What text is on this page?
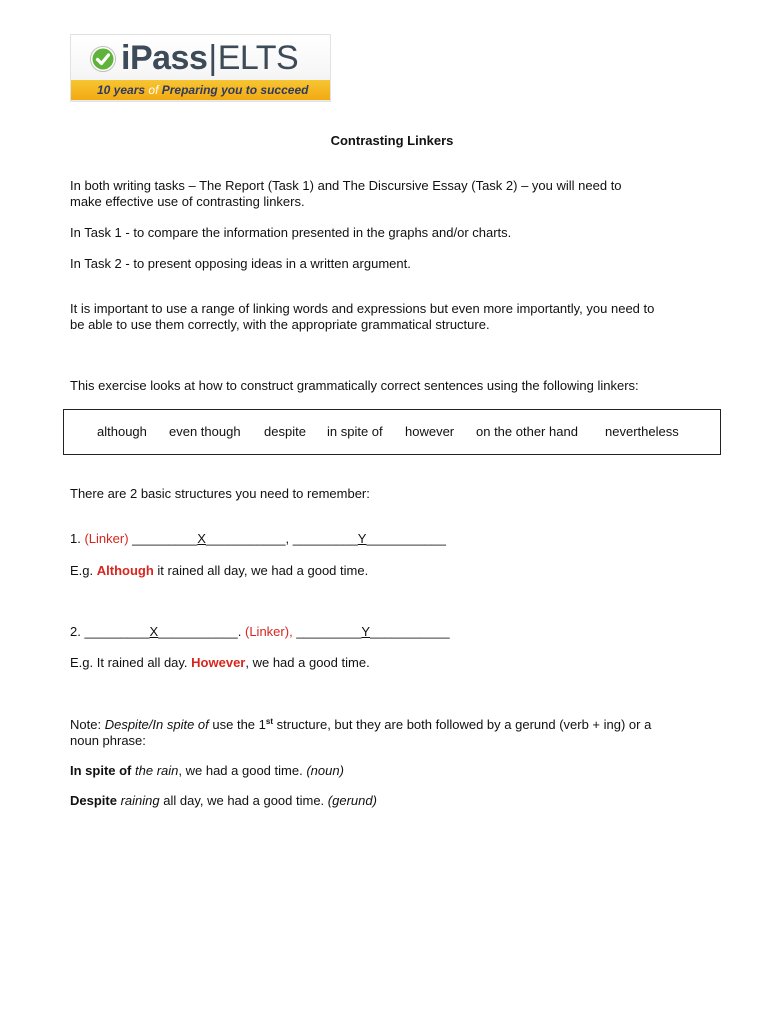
iPass|ELTS
10 years of Preparing you to succeed
Contrasting Linkers
In both writing tasks – The Report (Task 1) and The Discursive Essay (Task 2) – you will need to
make effective use of contrasting linkers.
In Task 1 - to compare the information presented in the graphs and/or charts.
In Task 2 - to present opposing ideas in a written argument.
It is important to use a range of linking words and expressions but even more importantly, you need to
be able to use them correctly, with the appropriate grammatical structure.
This exercise looks at how to construct grammatically correct sentences using the following linkers:
although even though despite in spite of however on the other hand nevertheless
There are 2 basic structures you need to remember:
1. (Linker) _________X___________, _________Y___________
E.g. Although it rained all day, we had a good time.
2. _________X___________. (Linker), _________Y___________
E.g. It rained all day. However, we had a good time.
Note: Despite/In spite of use the 1st structure, but they are both followed by a gerund (verb + ing) or a
noun phrase:
In spite of the rain, we had a good time. (noun)
Despite raining all day, we had a good time. (gerund)
